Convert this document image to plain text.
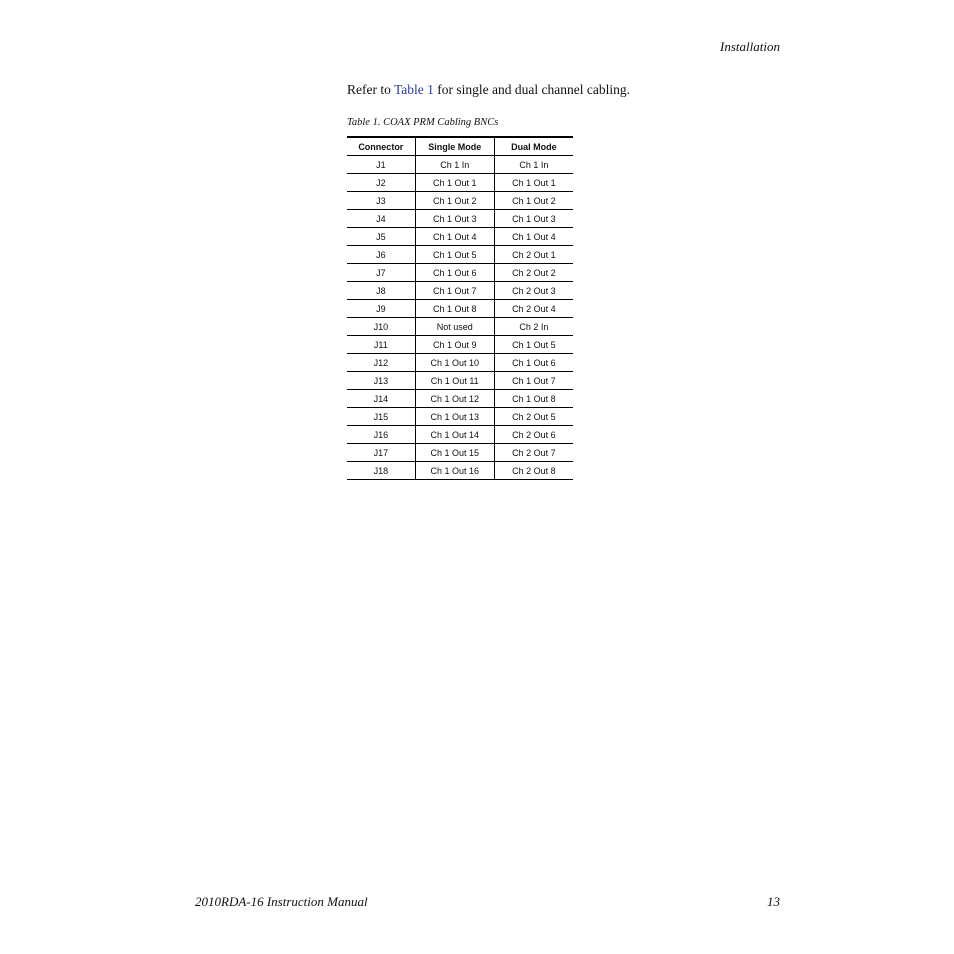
Installation

Refer to Table 1 for single and dual channel cabling.

Table 1. COAX PRM Cabling BNCs
Connector	Single Mode	Dual Mode
J1	Ch 1 In	Ch 1 In
J2	Ch 1 Out 1	Ch 1 Out 1
J3	Ch 1 Out 2	Ch 1 Out 2
J4	Ch 1 Out 3	Ch 1 Out 3
J5	Ch 1 Out 4	Ch 1 Out 4
J6	Ch 1 Out 5	Ch 2 Out 1
J7	Ch 1 Out 6	Ch 2 Out 2
J8	Ch 1 Out 7	Ch 2 Out 3
J9	Ch 1 Out 8	Ch 2 Out 4
J10	Not used	Ch 2 In
J11	Ch 1 Out 9	Ch 1 Out 5
J12	Ch 1 Out 10	Ch 1 Out 6
J13	Ch 1 Out 11	Ch 1 Out 7
J14	Ch 1 Out 12	Ch 1 Out 8
J15	Ch 1 Out 13	Ch 2 Out 5
J16	Ch 1 Out 14	Ch 2 Out 6
J17	Ch 1 Out 15	Ch 2 Out 7
J18	Ch 1 Out 16	Ch 2 Out 8
2010RDA-16 Instruction Manual	13
